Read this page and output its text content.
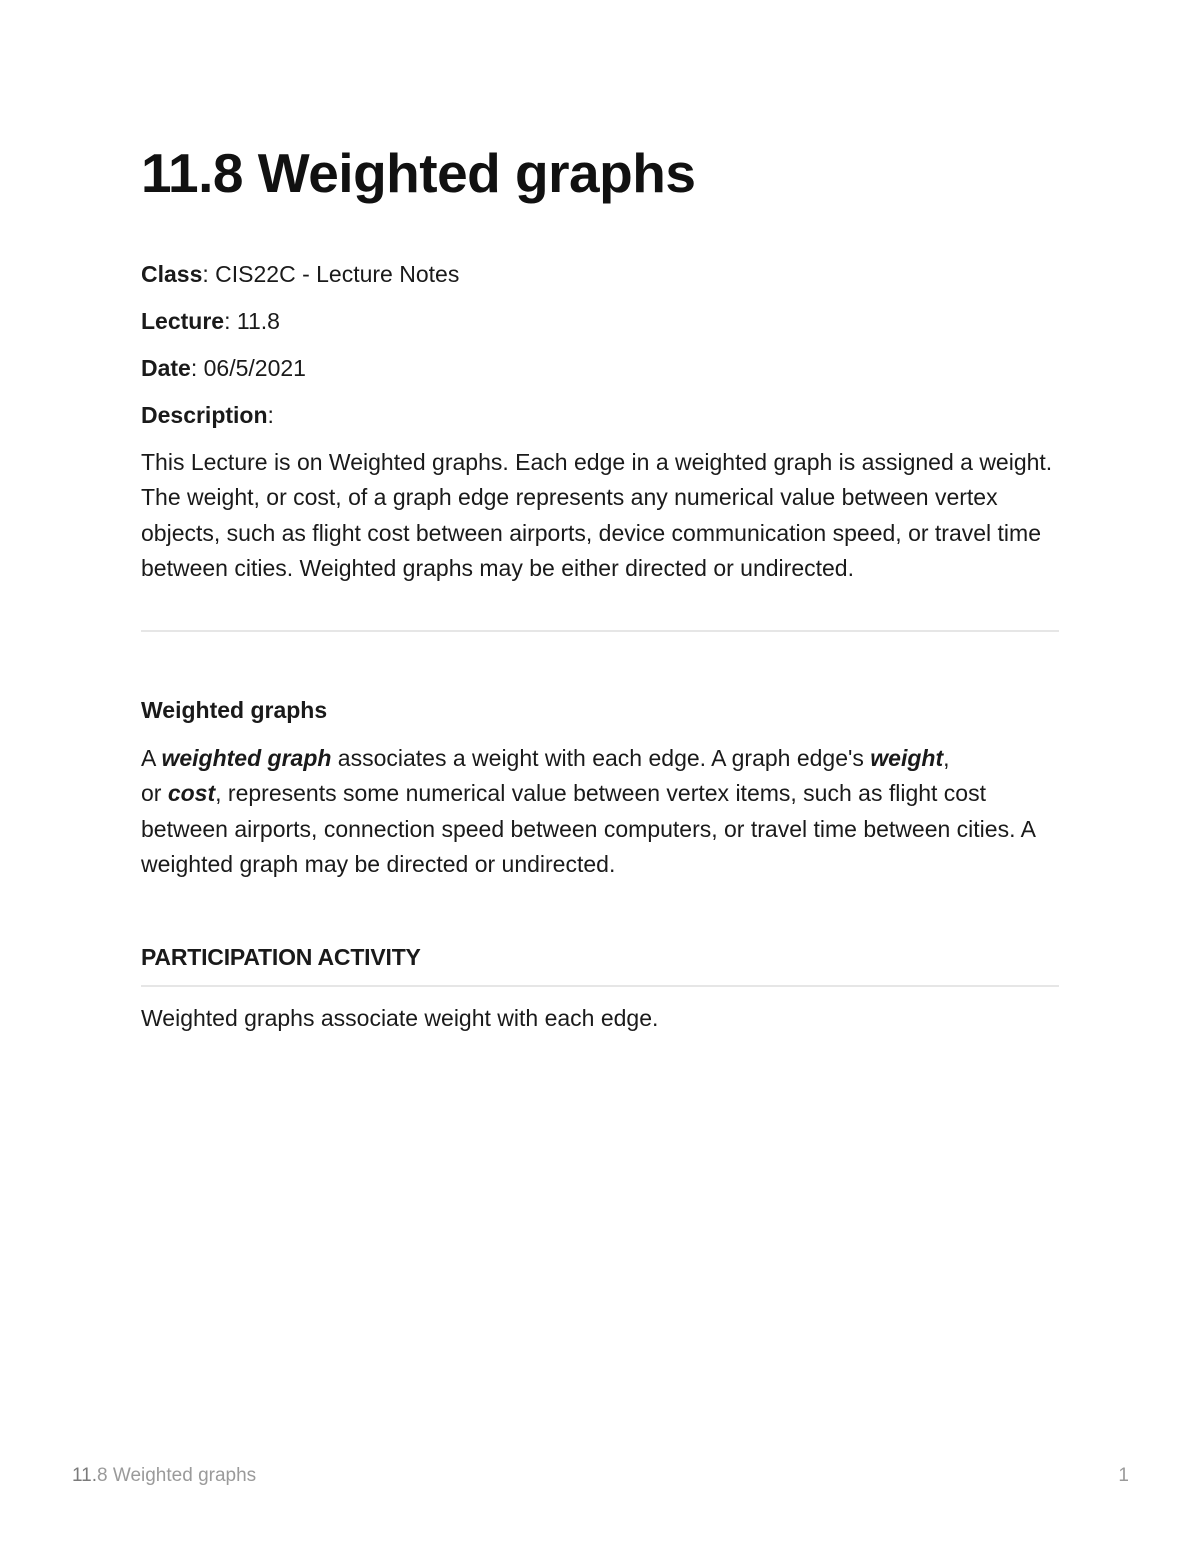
11.8 Weighted graphs
Class: CIS22C - Lecture Notes
Lecture: 11.8
Date: 06/5/2021
Description:

This Lecture is on Weighted graphs. Each edge in a weighted graph is assigned a weight. The weight, or cost, of a graph edge represents any numerical value between vertex objects, such as flight cost between airports, device communication speed, or travel time between cities. Weighted graphs may be either directed or undirected.

Weighted graphs

A weighted graph associates a weight with each edge. A graph edge's weight,
or cost, represents some numerical value between vertex items, such as flight cost between airports, connection speed between computers, or travel time between cities. A weighted graph may be directed or undirected.

PARTICIPATION ACTIVITY

Weighted graphs associate weight with each edge.

11.8 Weighted graphs	1
